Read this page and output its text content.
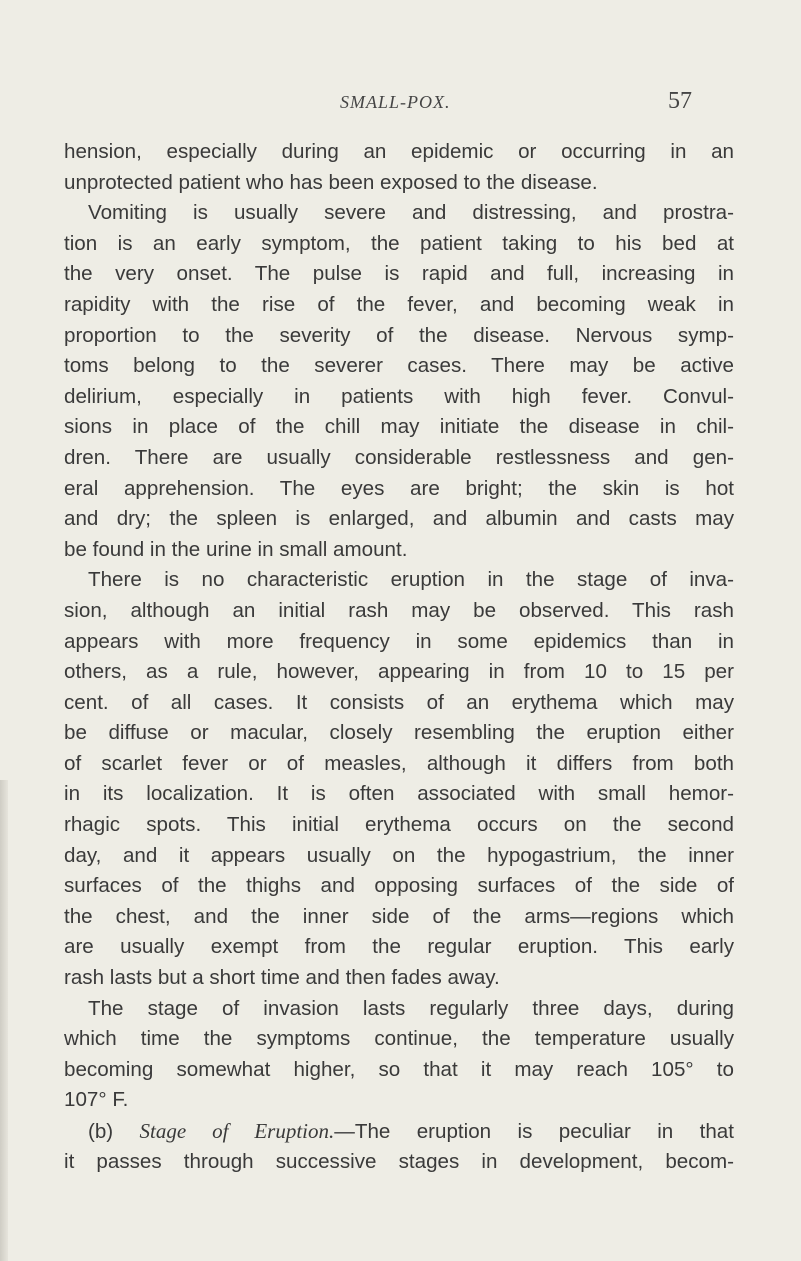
SMALL-POX.	57
hension, especially during an epidemic or occurring in an
unprotected patient who has been exposed to the disease.
Vomiting is usually severe and distressing, and prostra-
tion is an early symptom, the patient taking to his bed at
the very onset. The pulse is rapid and full, increasing in
rapidity with the rise of the fever, and becoming weak in
proportion to the severity of the disease. Nervous symp-
toms belong to the severer cases. There may be active
delirium, especially in patients with high fever. Convul-
sions in place of the chill may initiate the disease in chil-
dren. There are usually considerable restlessness and gen-
eral apprehension. The eyes are bright; the skin is hot
and dry; the spleen is enlarged, and albumin and casts may
be found in the urine in small amount.
There is no characteristic eruption in the stage of inva-
sion, although an initial rash may be observed. This rash
appears with more frequency in some epidemics than in
others, as a rule, however, appearing in from 10 to 15 per
cent. of all cases. It consists of an erythema which may
be diffuse or macular, closely resembling the eruption either
of scarlet fever or of measles, although it differs from both
in its localization. It is often associated with small hemor-
rhagic spots. This initial erythema occurs on the second
day, and it appears usually on the hypogastrium, the inner
surfaces of the thighs and opposing surfaces of the side of
the chest, and the inner side of the arms—regions which
are usually exempt from the regular eruption. This early
rash lasts but a short time and then fades away.
The stage of invasion lasts regularly three days, during
which time the symptoms continue, the temperature usually
becoming somewhat higher, so that it may reach 105° to
107° F.
(b) Stage of Eruption.—The eruption is peculiar in that
it passes through successive stages in development, becom-
